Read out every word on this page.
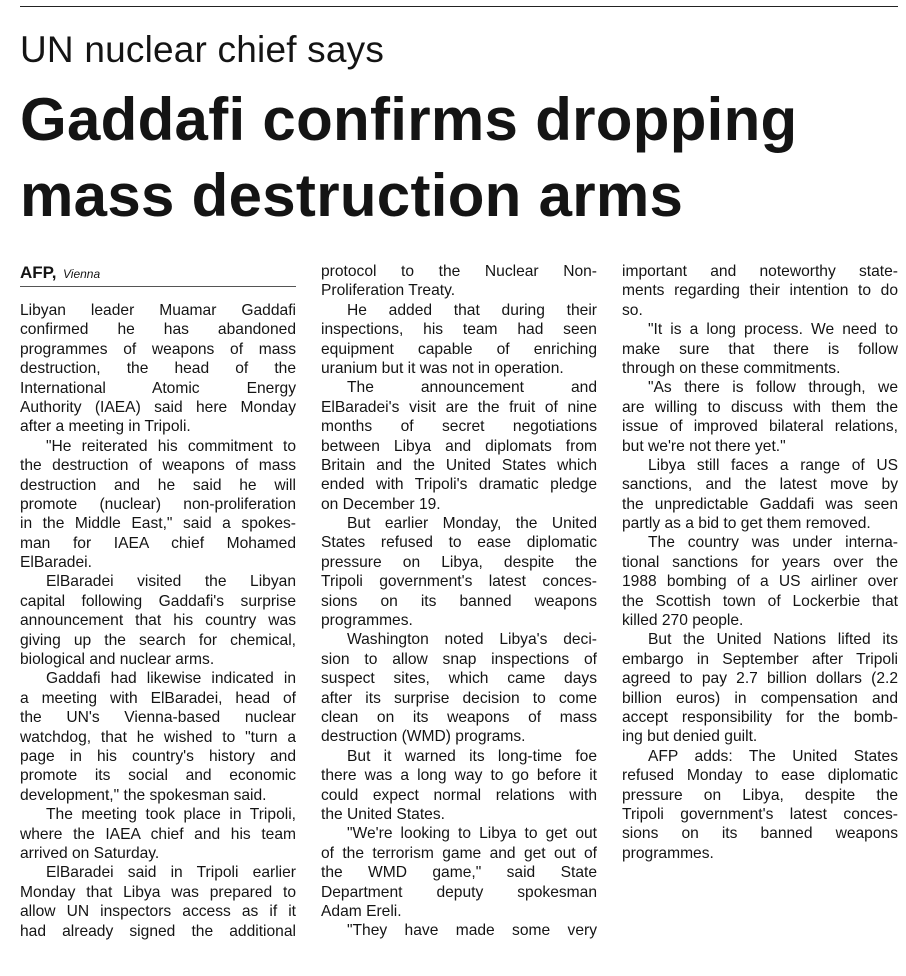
UN nuclear chief says
Gaddafi confirms dropping
mass destruction arms
AFP, Vienna
Libyan leader Muamar Gaddafi
confirmed he has abandoned
programmes of weapons of mass
destruction, the head of the
International Atomic Energy
Authority (IAEA) said here Monday
after a meeting in Tripoli.
"He reiterated his commitment to
the destruction of weapons of mass
destruction and he said he will
promote (nuclear) non-proliferation
in the Middle East," said a spokes-
man for IAEA chief Mohamed
ElBaradei.
ElBaradei visited the Libyan
capital following Gaddafi's surprise
announcement that his country was
giving up the search for chemical,
biological and nuclear arms.
Gaddafi had likewise indicated in
a meeting with ElBaradei, head of
the UN's Vienna-based nuclear
watchdog, that he wished to "turn a
page in his country's history and
promote its social and economic
development," the spokesman said.
The meeting took place in Tripoli,
where the IAEA chief and his team
arrived on Saturday.
ElBaradei said in Tripoli earlier
Monday that Libya was prepared to
allow UN inspectors access as if it
had already signed the additional
protocol to the Nuclear Non-
Proliferation Treaty.
He added that during their
inspections, his team had seen
equipment capable of enriching
uranium but it was not in operation.
The announcement and
ElBaradei's visit are the fruit of nine
months of secret negotiations
between Libya and diplomats from
Britain and the United States which
ended with Tripoli's dramatic pledge
on December 19.
But earlier Monday, the United
States refused to ease diplomatic
pressure on Libya, despite the
Tripoli government's latest conces-
sions on its banned weapons
programmes.
Washington noted Libya's deci-
sion to allow snap inspections of
suspect sites, which came days
after its surprise decision to come
clean on its weapons of mass
destruction (WMD) programs.
But it warned its long-time foe
there was a long way to go before it
could expect normal relations with
the United States.
"We're looking to Libya to get out
of the terrorism game and get out of
the WMD game," said State
Department deputy spokesman
Adam Ereli.
"They have made some very
important and noteworthy state-
ments regarding their intention to do
so.
"It is a long process. We need to
make sure that there is follow
through on these commitments.
"As there is follow through, we
are willing to discuss with them the
issue of improved bilateral relations,
but we're not there yet."
Libya still faces a range of US
sanctions, and the latest move by
the unpredictable Gaddafi was seen
partly as a bid to get them removed.
The country was under interna-
tional sanctions for years over the
1988 bombing of a US airliner over
the Scottish town of Lockerbie that
killed 270 people.
But the United Nations lifted its
embargo in September after Tripoli
agreed to pay 2.7 billion dollars (2.2
billion euros) in compensation and
accept responsibility for the bomb-
ing but denied guilt.
AFP adds: The United States
refused Monday to ease diplomatic
pressure on Libya, despite the
Tripoli government's latest conces-
sions on its banned weapons
programmes.
